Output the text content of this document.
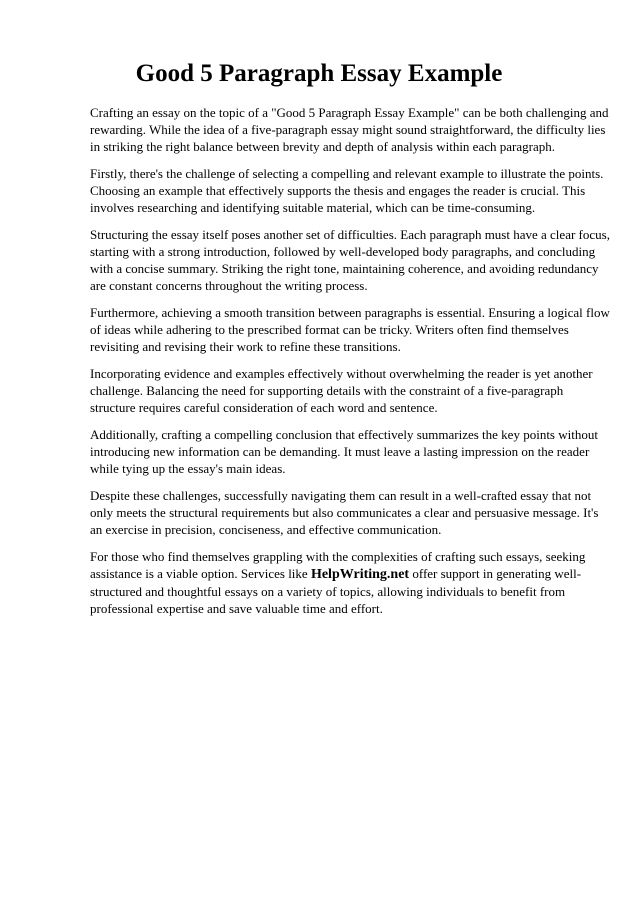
Good 5 Paragraph Essay Example

Crafting an essay on the topic of a "Good 5 Paragraph Essay Example" can be both challenging and rewarding. While the idea of a five-paragraph essay might sound straightforward, the difficulty lies in striking the right balance between brevity and depth of analysis within each paragraph.

Firstly, there's the challenge of selecting a compelling and relevant example to illustrate the points. Choosing an example that effectively supports the thesis and engages the reader is crucial. This involves researching and identifying suitable material, which can be time-consuming.

Structuring the essay itself poses another set of difficulties. Each paragraph must have a clear focus, starting with a strong introduction, followed by well-developed body paragraphs, and concluding with a concise summary. Striking the right tone, maintaining coherence, and avoiding redundancy are constant concerns throughout the writing process.

Furthermore, achieving a smooth transition between paragraphs is essential. Ensuring a logical flow of ideas while adhering to the prescribed format can be tricky. Writers often find themselves revisiting and revising their work to refine these transitions.

Incorporating evidence and examples effectively without overwhelming the reader is yet another challenge. Balancing the need for supporting details with the constraint of a five-paragraph structure requires careful consideration of each word and sentence.

Additionally, crafting a compelling conclusion that effectively summarizes the key points without introducing new information can be demanding. It must leave a lasting impression on the reader while tying up the essay's main ideas.

Despite these challenges, successfully navigating them can result in a well-crafted essay that not only meets the structural requirements but also communicates a clear and persuasive message. It's an exercise in precision, conciseness, and effective communication.

For those who find themselves grappling with the complexities of crafting such essays, seeking assistance is a viable option. Services like HelpWriting.net offer support in generating well-structured and thoughtful essays on a variety of topics, allowing individuals to benefit from professional expertise and save valuable time and effort.
